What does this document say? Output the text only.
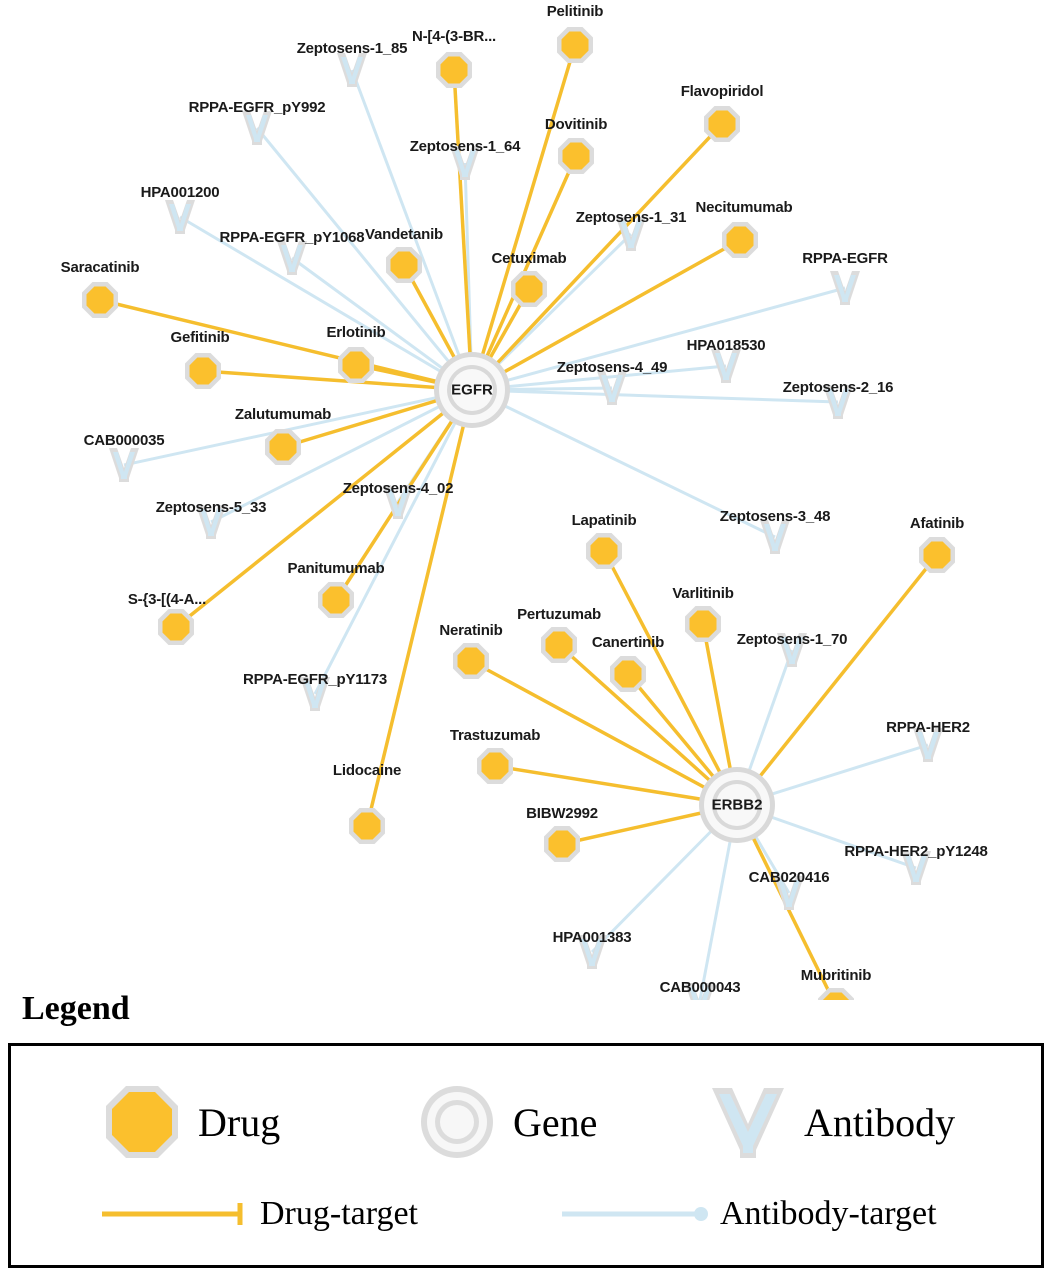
Zeptosens-1_85
RPPA-EGFR_pY992
Zeptosens-1_64
HPA001200
Zeptosens-1_31
RPPA-EGFR_pY1068
RPPA-EGFR
HPA018530
Zeptosens-4_49
Zeptosens-2_16
CAB000035
Zeptosens-4_02
Zeptosens-5_33
Zeptosens-3_48
Zeptosens-1_70
RPPA-EGFR_pY1173
RPPA-HER2
RPPA-HER2_pY1248
CAB020416
HPA001383
CAB000043
Pelitinib
N-[4-(3-BR...
Flavopiridol
Dovitinib
Necitumumab
Vandetanib
Cetuximab
Saracatinib
Erlotinib
Gefitinib
Zalutumumab
Lapatinib	Afatinib
Panitumumab
Varlitinib
S-{3-[(4-A...
Pertuzumab
Neratinib
Canertinib
Trastuzumab
Lidocaine
BIBW2992
Mubritinib
EGFR
ERBB2
Legend
Drug	Gene	Antibody
Drug-target	Antibody-target
